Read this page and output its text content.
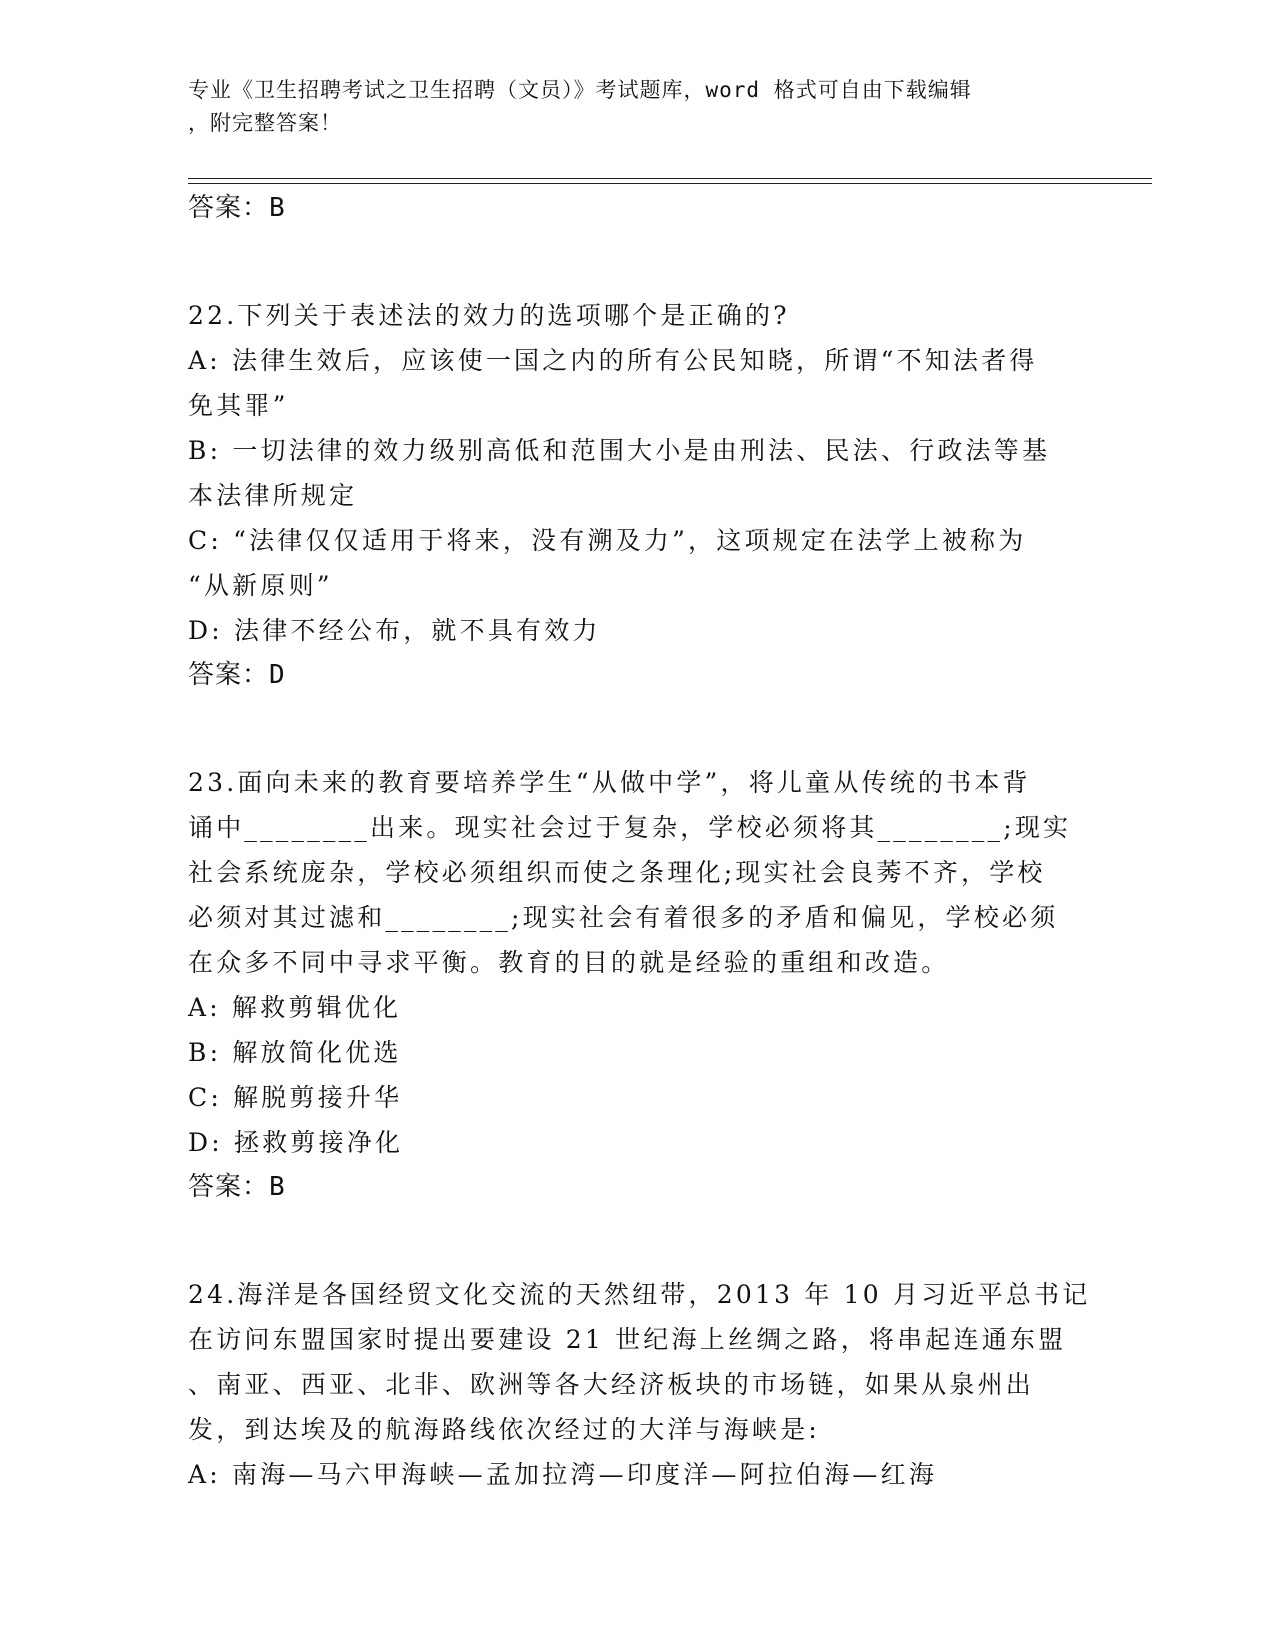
专业《卫生招聘考试之卫生招聘（文员）》考试题库，word 格式可自由下载编辑
，附完整答案！
答案：B
22.下列关于表述法的效力的选项哪个是正确的?
A: 法律生效后，应该使一国之内的所有公民知晓，所谓“不知法者得
免其罪”
B: 一切法律的效力级别高低和范围大小是由刑法、民法、行政法等基
本法律所规定
C: “法律仅仅适用于将来，没有溯及力”，这项规定在法学上被称为
“从新原则”
D: 法律不经公布，就不具有效力
答案：D
23.面向未来的教育要培养学生“从做中学”，将儿童从传统的书本背
诵中________出来。现实社会过于复杂，学校必须将其________;现实
社会系统庞杂，学校必须组织而使之条理化;现实社会良莠不齐，学校
必须对其过滤和________;现实社会有着很多的矛盾和偏见，学校必须
在众多不同中寻求平衡。教育的目的就是经验的重组和改造。
A: 解救剪辑优化
B: 解放简化优选
C: 解脱剪接升华
D: 拯救剪接净化
答案：B
24.海洋是各国经贸文化交流的天然纽带，2013 年 10 月习近平总书记
在访问东盟国家时提出要建设 21 世纪海上丝绸之路，将串起连通东盟
、南亚、西亚、北非、欧洲等各大经济板块的市场链，如果从泉州出
发，到达埃及的航海路线依次经过的大洋与海峡是:
A: 南海—马六甲海峡—孟加拉湾—印度洋—阿拉伯海—红海
